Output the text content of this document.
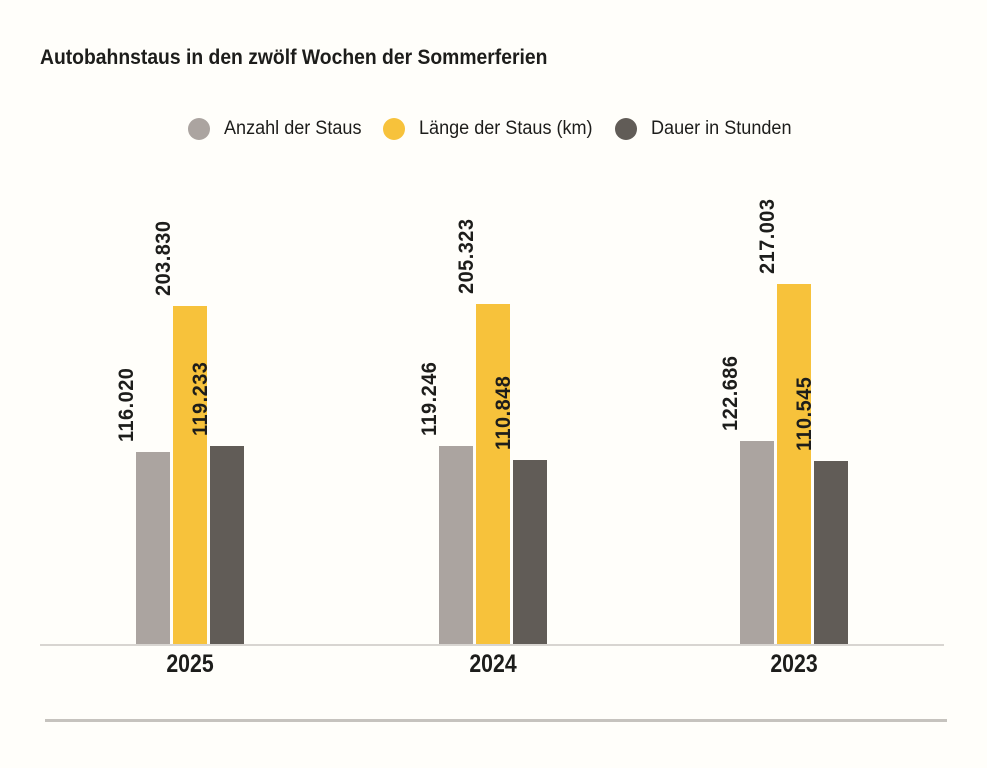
Autobahnstaus in den zwölf Wochen der Sommerferien
Anzahl der Staus	Länge der Staus (km)	Dauer in Stunden
116.020
203.830
119.233
2025
119.246
205.323
110.848
2024
122.686
217.003
110.545
2023
